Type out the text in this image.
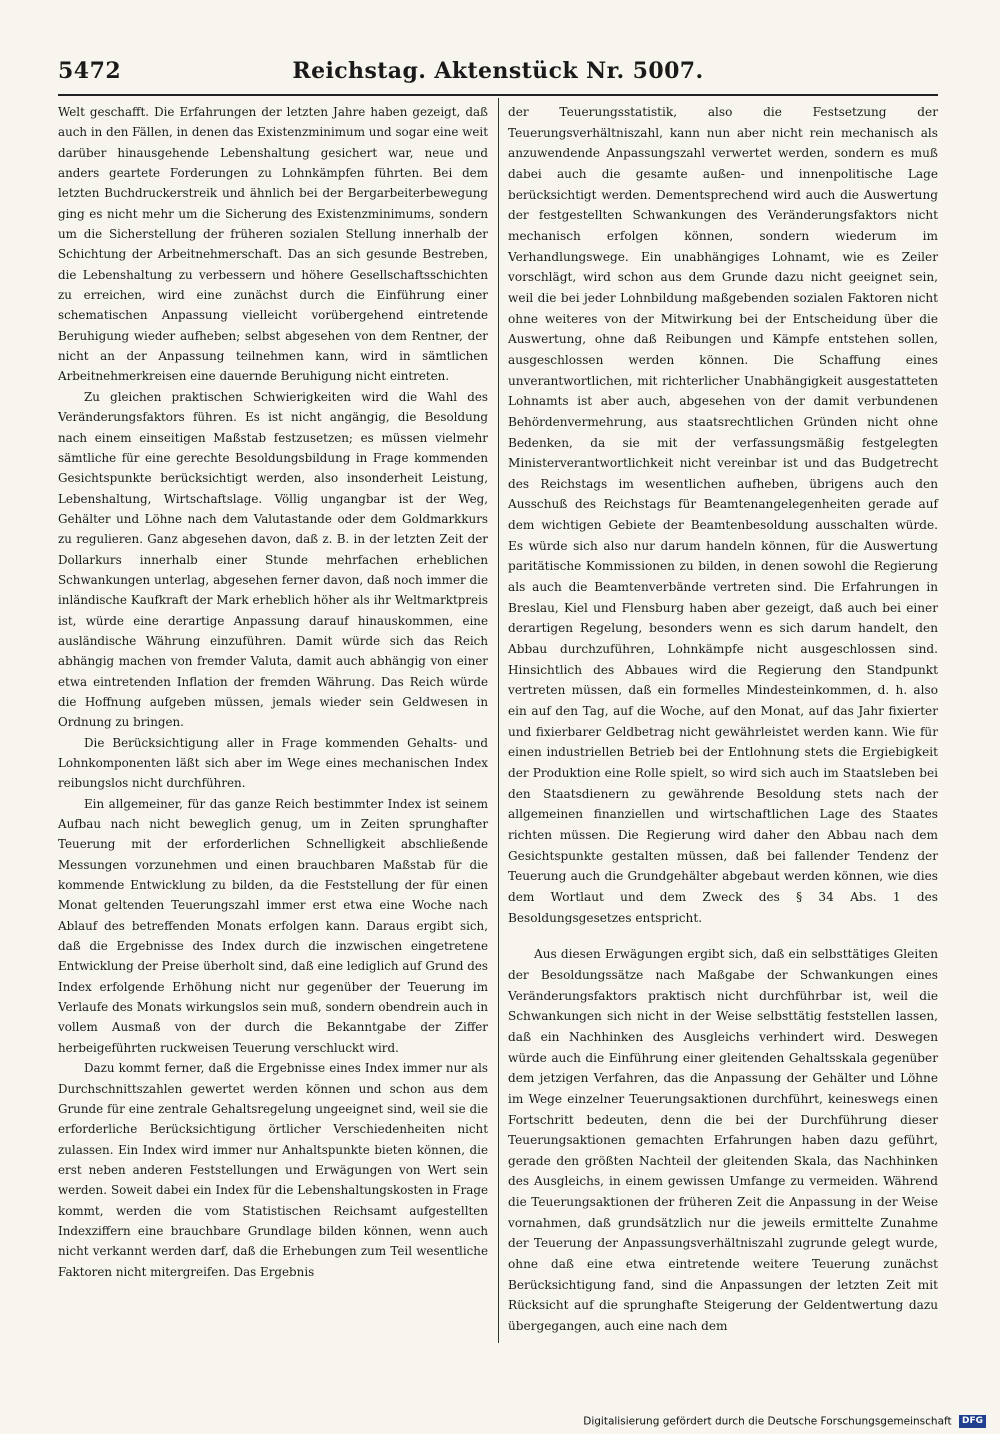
5472	Reichstag. Aktenstück Nr. 5007.

Welt geschafft. Die Erfahrungen der letzten Jahre haben gezeigt, daß auch in den Fällen, in denen das Existenzminimum und sogar eine weit darüber hinausgehende Lebenshaltung gesichert war, neue und anders geartete Forderungen zu Lohnkämpfen führten. Bei dem letzten Buchdruckerstreik und ähnlich bei der Bergarbeiterbewegung ging es nicht mehr um die Sicherung des Existenzminimums, sondern um die Sicherstellung der früheren sozialen Stellung innerhalb der Schichtung der Arbeitnehmerschaft. Das an sich gesunde Bestreben, die Lebenshaltung zu verbessern und höhere Gesellschaftsschichten zu erreichen, wird eine zunächst durch die Einführung einer schematischen Anpassung vielleicht vorübergehend eintretende Beruhigung wieder aufheben; selbst abgesehen von dem Rentner, der nicht an der Anpassung teilnehmen kann, wird in sämtlichen Arbeitnehmerkreisen eine dauernde Beruhigung nicht eintreten.

Zu gleichen praktischen Schwierigkeiten wird die Wahl des Veränderungsfaktors führen. Es ist nicht angängig, die Besoldung nach einem einseitigen Maßstab festzusetzen; es müssen vielmehr sämtliche für eine gerechte Besoldungsbildung in Frage kommenden Gesichtspunkte berücksichtigt werden, also insonderheit Leistung, Lebenshaltung, Wirtschaftslage. Völlig ungangbar ist der Weg, Gehälter und Löhne nach dem Valutastande oder dem Goldmarkkurs zu regulieren. Ganz abgesehen davon, daß z. B. in der letzten Zeit der Dollarkurs innerhalb einer Stunde mehrfachen erheblichen Schwankungen unterlag, abgesehen ferner davon, daß noch immer die inländische Kaufkraft der Mark erheblich höher als ihr Weltmarktpreis ist, würde eine derartige Anpassung darauf hinauskommen, eine ausländische Währung einzuführen. Damit würde sich das Reich abhängig machen von fremder Valuta, damit auch abhängig von einer etwa eintretenden Inflation der fremden Währung. Das Reich würde die Hoffnung aufgeben müssen, jemals wieder sein Geldwesen in Ordnung zu bringen.

Die Berücksichtigung aller in Frage kommenden Gehalts- und Lohnkomponenten läßt sich aber im Wege eines mechanischen Index reibungslos nicht durchführen.

Ein allgemeiner, für das ganze Reich bestimmter Index ist seinem Aufbau nach nicht beweglich genug, um in Zeiten sprunghafter Teuerung mit der erforderlichen Schnelligkeit abschließende Messungen vorzunehmen und einen brauchbaren Maßstab für die kommende Entwicklung zu bilden, da die Feststellung der für einen Monat geltenden Teuerungszahl immer erst etwa eine Woche nach Ablauf des betreffenden Monats erfolgen kann. Daraus ergibt sich, daß die Ergebnisse des Index durch die inzwischen eingetretene Entwicklung der Preise überholt sind, daß eine lediglich auf Grund des Index erfolgende Erhöhung nicht nur gegenüber der Teuerung im Verlaufe des Monats wirkungslos sein muß, sondern obendrein auch in vollem Ausmaß von der durch die Bekanntgabe der Ziffer herbeigeführten ruckweisen Teuerung verschluckt wird.

Dazu kommt ferner, daß die Ergebnisse eines Index immer nur als Durchschnittszahlen gewertet werden können und schon aus dem Grunde für eine zentrale Gehaltsregelung ungeeignet sind, weil sie die erforderliche Berücksichtigung örtlicher Verschiedenheiten nicht zulassen. Ein Index wird immer nur Anhaltspunkte bieten können, die erst neben anderen Feststellungen und Erwägungen von Wert sein werden. Soweit dabei ein Index für die Lebenshaltungskosten in Frage kommt, werden die vom Statistischen Reichsamt aufgestellten Indexziffern eine brauchbare Grundlage bilden können, wenn auch nicht verkannt werden darf, daß die Erhebungen zum Teil wesentliche Faktoren nicht mitergreifen. Das Ergebnis

der Teuerungsstatistik, also die Festsetzung der Teuerungsverhältniszahl, kann nun aber nicht rein mechanisch als anzuwendende Anpassungszahl verwertet werden, sondern es muß dabei auch die gesamte außen- und innenpolitische Lage berücksichtigt werden. Dementsprechend wird auch die Auswertung der festgestellten Schwankungen des Veränderungsfaktors nicht mechanisch erfolgen können, sondern wiederum im Verhandlungswege. Ein unabhängiges Lohnamt, wie es Zeiler vorschlägt, wird schon aus dem Grunde dazu nicht geeignet sein, weil die bei jeder Lohnbildung maßgebenden sozialen Faktoren nicht ohne weiteres von der Mitwirkung bei der Entscheidung über die Auswertung, ohne daß Reibungen und Kämpfe entstehen sollen, ausgeschlossen werden können. Die Schaffung eines unverantwortlichen, mit richterlicher Unabhängigkeit ausgestatteten Lohnamts ist aber auch, abgesehen von der damit verbundenen Behördenvermehrung, aus staatsrechtlichen Gründen nicht ohne Bedenken, da sie mit der verfassungsmäßig festgelegten Ministerverantwortlichkeit nicht vereinbar ist und das Budgetrecht des Reichstags im wesentlichen aufheben, übrigens auch den Ausschuß des Reichstags für Beamtenangelegenheiten gerade auf dem wichtigen Gebiete der Beamtenbesoldung ausschalten würde. Es würde sich also nur darum handeln können, für die Auswertung paritätische Kommissionen zu bilden, in denen sowohl die Regierung als auch die Beamtenverbände vertreten sind. Die Erfahrungen in Breslau, Kiel und Flensburg haben aber gezeigt, daß auch bei einer derartigen Regelung, besonders wenn es sich darum handelt, den Abbau durchzuführen, Lohnkämpfe nicht ausgeschlossen sind. Hinsichtlich des Abbaues wird die Regierung den Standpunkt vertreten müssen, daß ein formelles Mindesteinkommen, d. h. also ein auf den Tag, auf die Woche, auf den Monat, auf das Jahr fixierter und fixierbarer Geldbetrag nicht gewährleistet werden kann. Wie für einen industriellen Betrieb bei der Entlohnung stets die Ergiebigkeit der Produktion eine Rolle spielt, so wird sich auch im Staatsleben bei den Staatsdienern zu gewährende Besoldung stets nach der allgemeinen finanziellen und wirtschaftlichen Lage des Staates richten müssen. Die Regierung wird daher den Abbau nach dem Gesichtspunkte gestalten müssen, daß bei fallender Tendenz der Teuerung auch die Grundgehälter abgebaut werden können, wie dies dem Wortlaut und dem Zweck des § 34 Abs. 1 des Besoldungsgesetzes entspricht.

Aus diesen Erwägungen ergibt sich, daß ein selbsttätiges Gleiten der Besoldungssätze nach Maßgabe der Schwankungen eines Veränderungsfaktors praktisch nicht durchführbar ist, weil die Schwankungen sich nicht in der Weise selbsttätig feststellen lassen, daß ein Nachhinken des Ausgleichs verhindert wird. Deswegen würde auch die Einführung einer gleitenden Gehaltsskala gegenüber dem jetzigen Verfahren, das die Anpassung der Gehälter und Löhne im Wege einzelner Teuerungsaktionen durchführt, keineswegs einen Fortschritt bedeuten, denn die bei der Durchführung dieser Teuerungsaktionen gemachten Erfahrungen haben dazu geführt, gerade den größten Nachteil der gleitenden Skala, das Nachhinken des Ausgleichs, in einem gewissen Umfange zu vermeiden. Während die Teuerungsaktionen der früheren Zeit die Anpassung in der Weise vornahmen, daß grundsätzlich nur die jeweils ermittelte Zunahme der Teuerung der Anpassungsverhältniszahl zugrunde gelegt wurde, ohne daß eine etwa eintretende weitere Teuerung zunächst Berücksichtigung fand, sind die Anpassungen der letzten Zeit mit Rücksicht auf die sprunghafte Steigerung der Geldentwertung dazu übergegangen, auch eine nach dem

Digitalisierung gefördert durch die Deutsche Forschungsgemeinschaft DFG
